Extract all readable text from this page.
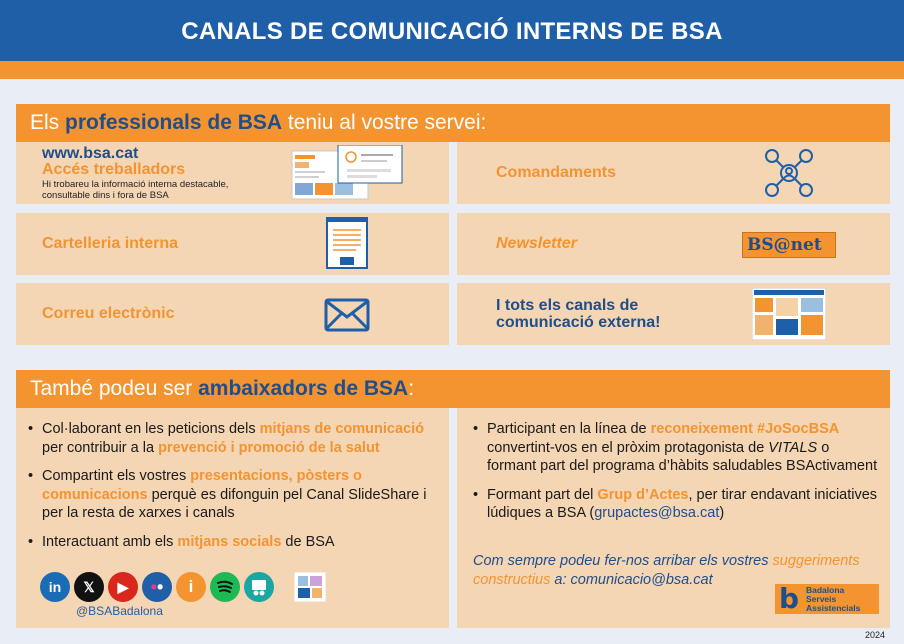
CANALS DE COMUNICACIÓ INTERNS DE BSA
Els professionals de BSA teniu al vostre servei:
www.bsa.cat
Accés treballadors
Hi trobareu la informació interna destacable,
consultable dins i fora de BSA
Comandaments
Cartelleria interna	Newsletter	BS@net
Correu electrònic	I tots els canals de
comunicació externa!
També podeu ser ambaixadors de BSA:
• Col·laborant en les peticions dels mitjans de comunicació per contribuir a la prevenció i promoció de la salut
• Compartint els vostres presentacions, pòsters o comunicacions perquè es difonguin pel Canal SlideShare i per la resta de xarxes i canals
• Interactuant amb els mitjans socials de BSA
in	𝕏	▶	••	i
@BSABadalona
• Participant en la línea de reconeixement #JoSocBSA convertint-vos en el pròxim protagonista de VITALS o formant part del programa d’hàbits saludables BSActivament
• Formant part del Grup d’Actes, per tirar endavant iniciatives lúdiques a BSA (grupactes@bsa.cat)
Com sempre podeu fer-nos arribar els vostres suggeriments constructius a: comunicacio@bsa.cat
b Badalona
Serveis
Assistencials
2024
